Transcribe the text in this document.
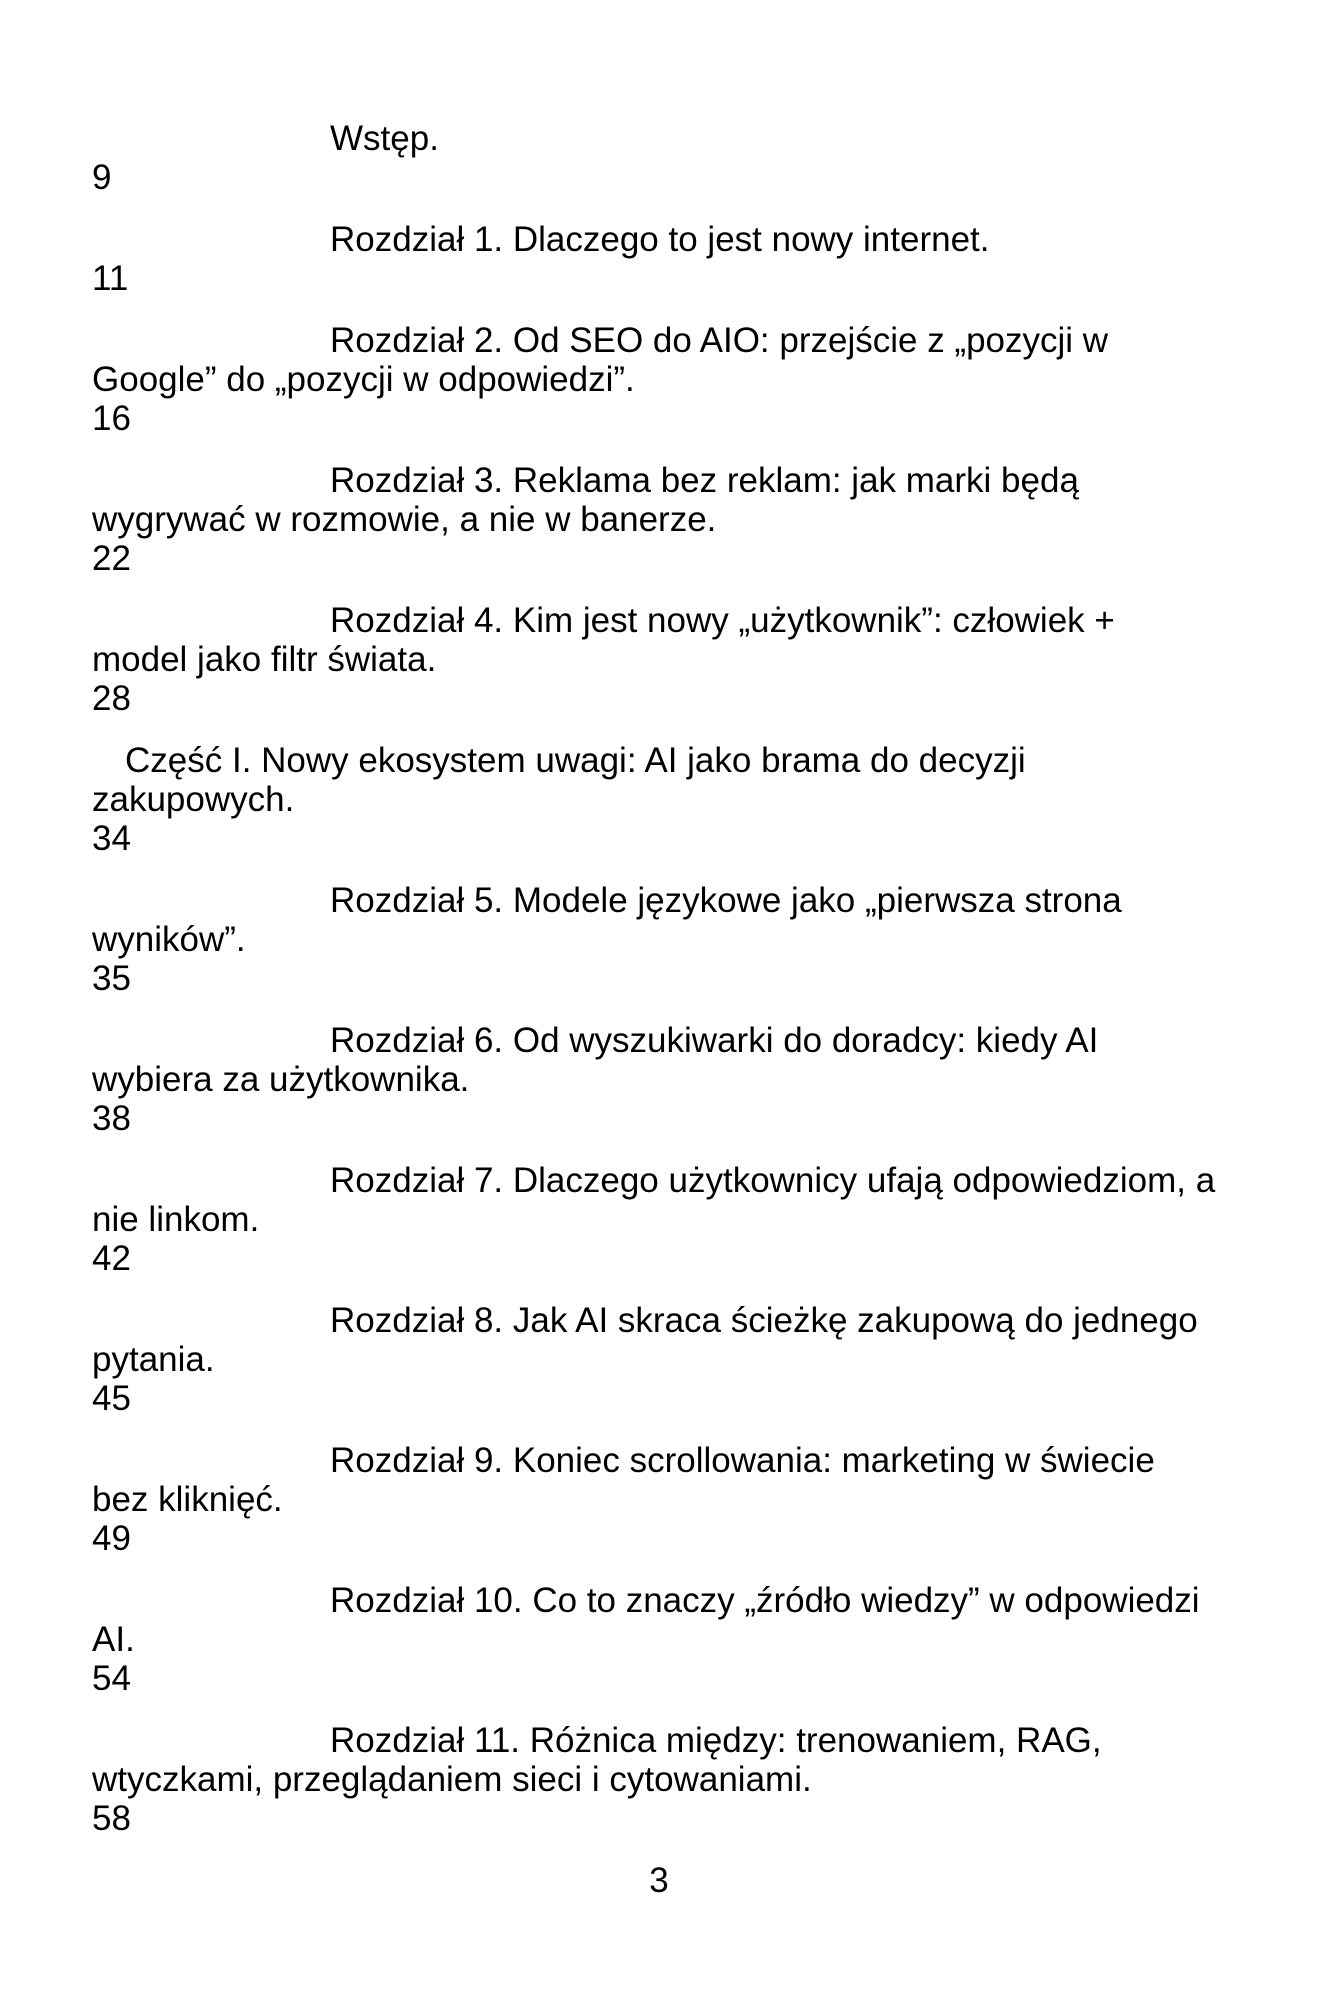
Wstęp.
9
Rozdział 1. Dlaczego to jest nowy internet.
11
Rozdział 2. Od SEO do AIO: przejście z „pozycji w
Google” do „pozycji w odpowiedzi”.
16
Rozdział 3. Reklama bez reklam: jak marki będą
wygrywać w rozmowie, a nie w banerze.
22
Rozdział 4. Kim jest nowy „użytkownik”: człowiek +
model jako filtr świata.
28
Część I. Nowy ekosystem uwagi: AI jako brama do decyzji
zakupowych.
34
Rozdział 5. Modele językowe jako „pierwsza strona
wyników”.
35
Rozdział 6. Od wyszukiwarki do doradcy: kiedy AI
wybiera za użytkownika.
38
Rozdział 7. Dlaczego użytkownicy ufają odpowiedziom, a
nie linkom.
42
Rozdział 8. Jak AI skraca ścieżkę zakupową do jednego
pytania.
45
Rozdział 9. Koniec scrollowania: marketing w świecie
bez kliknięć.
49
Rozdział 10. Co to znaczy „źródło wiedzy” w odpowiedzi
AI.
54
Rozdział 11. Różnica między: trenowaniem, RAG,
wtyczkami, przeglądaniem sieci i cytowaniami.
58
3
